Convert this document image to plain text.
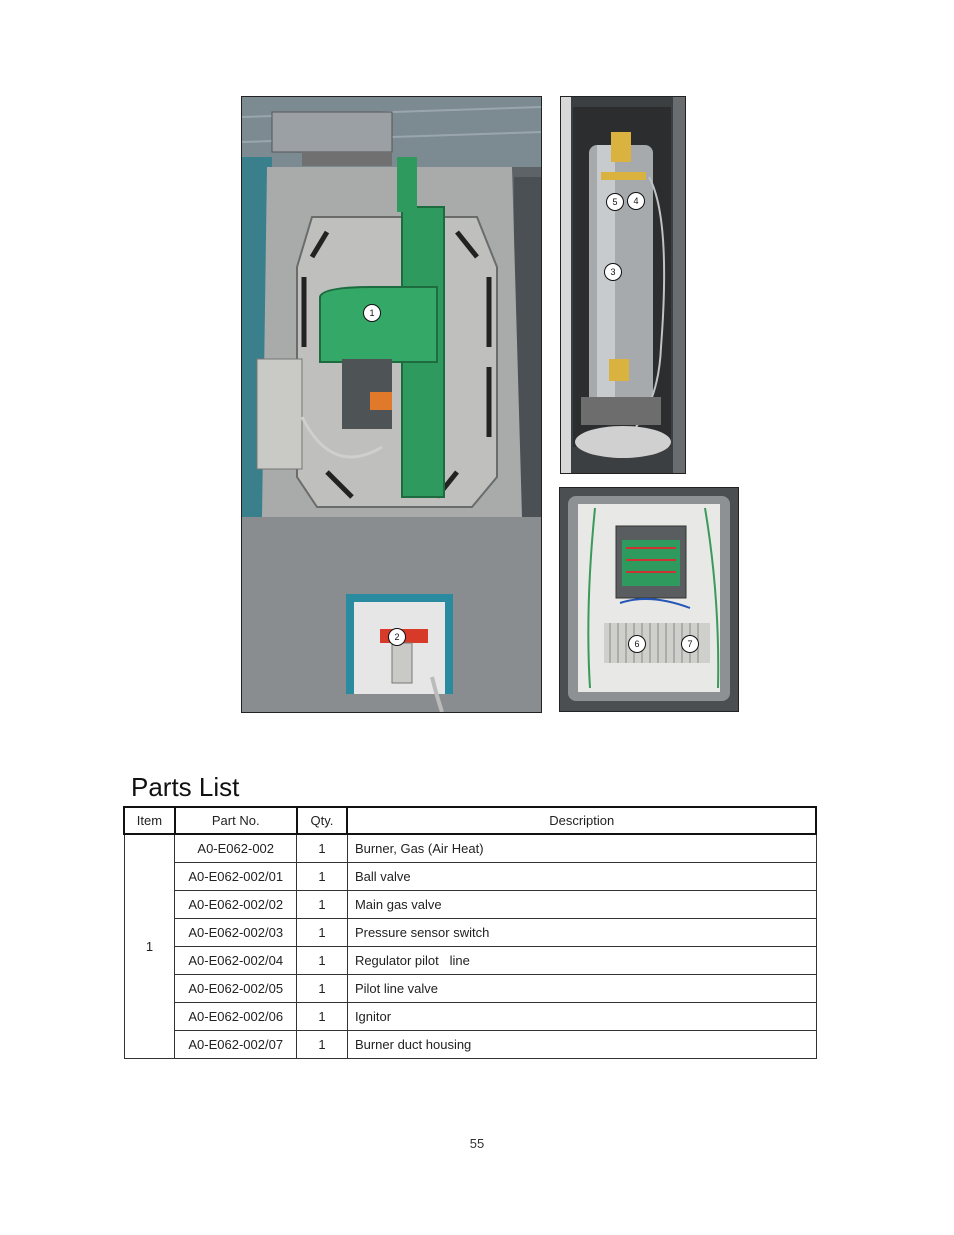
1
2
5	4
3
6	7
Parts List
Item	Part No.	Qty.	Description
1	A0-E062-002	1	Burner, Gas (Air Heat)
	A0-E062-002/01	1	Ball valve
	A0-E062-002/02	1	Main gas valve
	A0-E062-002/03	1	Pressure sensor switch
	A0-E062-002/04	1	Regulator pilot   line
	A0-E062-002/05	1	Pilot line valve
	A0-E062-002/06	1	Ignitor
	A0-E062-002/07	1	Burner duct housing
55
